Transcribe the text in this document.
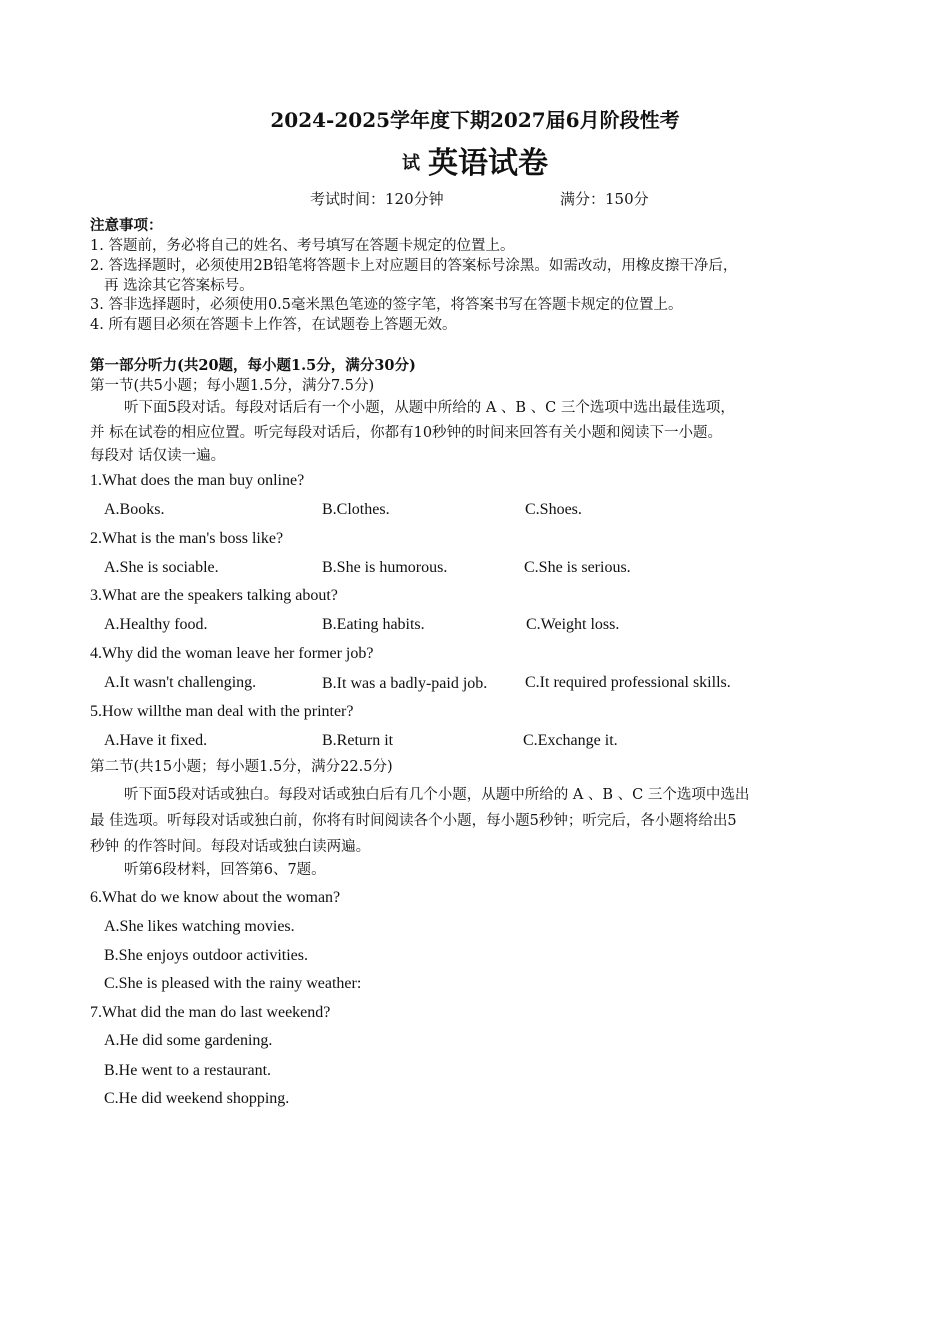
2024-2025学年度下期2027届6月阶段性考
试 英语试卷
考试时间：120分钟	满分：150分
注意事项：
1. 答题前，务必将自己的姓名、考号填写在答题卡规定的位置上。
2. 答选择题时，必须使用2B铅笔将答题卡上对应题目的答案标号涂黑。如需改动，用橡皮擦干净后，
再 选涂其它答案标号。
3. 答非选择题时，必须使用0.5毫米黑色笔迹的签字笔，将答案书写在答题卡规定的位置上。
4. 所有题目必须在答题卡上作答，在试题卷上答题无效。
第一部分听力(共20题，每小题1.5分，满分30分)
第一节(共5小题；每小题1.5分，满分7.5分)
听下面5段对话。每段对话后有一个小题，从题中所给的 A 、B 、C 三个选项中选出最佳选项，
并 标在试卷的相应位置。听完每段对话后，你都有10秒钟的时间来回答有关小题和阅读下一小题。
每段对 话仅读一遍。
1.What does the man buy online?
A.Books.	B.Clothes.	C.Shoes.
2.What is the man's boss like?
A.She is sociable.	B.She is humorous.	C.She is serious.
3.What are the speakers talking about?
A.Healthy food.	B.Eating habits.	C.Weight loss.
4.Why did the woman leave her former job?
A.It wasn't challenging.	B.It was a badly-paid job. C.It required professional skills.
5.How willthe man deal with the printer?
A.Have it fixed.	B.Return it	C.Exchange it.
第二节(共15小题；每小题1.5分，满分22.5分)
听下面5段对话或独白。每段对话或独白后有几个小题，从题中所给的 A 、B 、C 三个选项中选出
最 佳选项。听每段对话或独白前，你将有时间阅读各个小题，每小题5秒钟；听完后，各小题将给出5
秒钟 的作答时间。每段对话或独白读两遍。
听第6段材料，回答第6、7题。
6.What do we know about the woman?
A.She likes watching movies.
B.She enjoys outdoor activities.
C.She is pleased with the rainy weather:
7.What did the man do last weekend?
A.He did some gardening.
B.He went to a restaurant.
C.He did weekend shopping.
